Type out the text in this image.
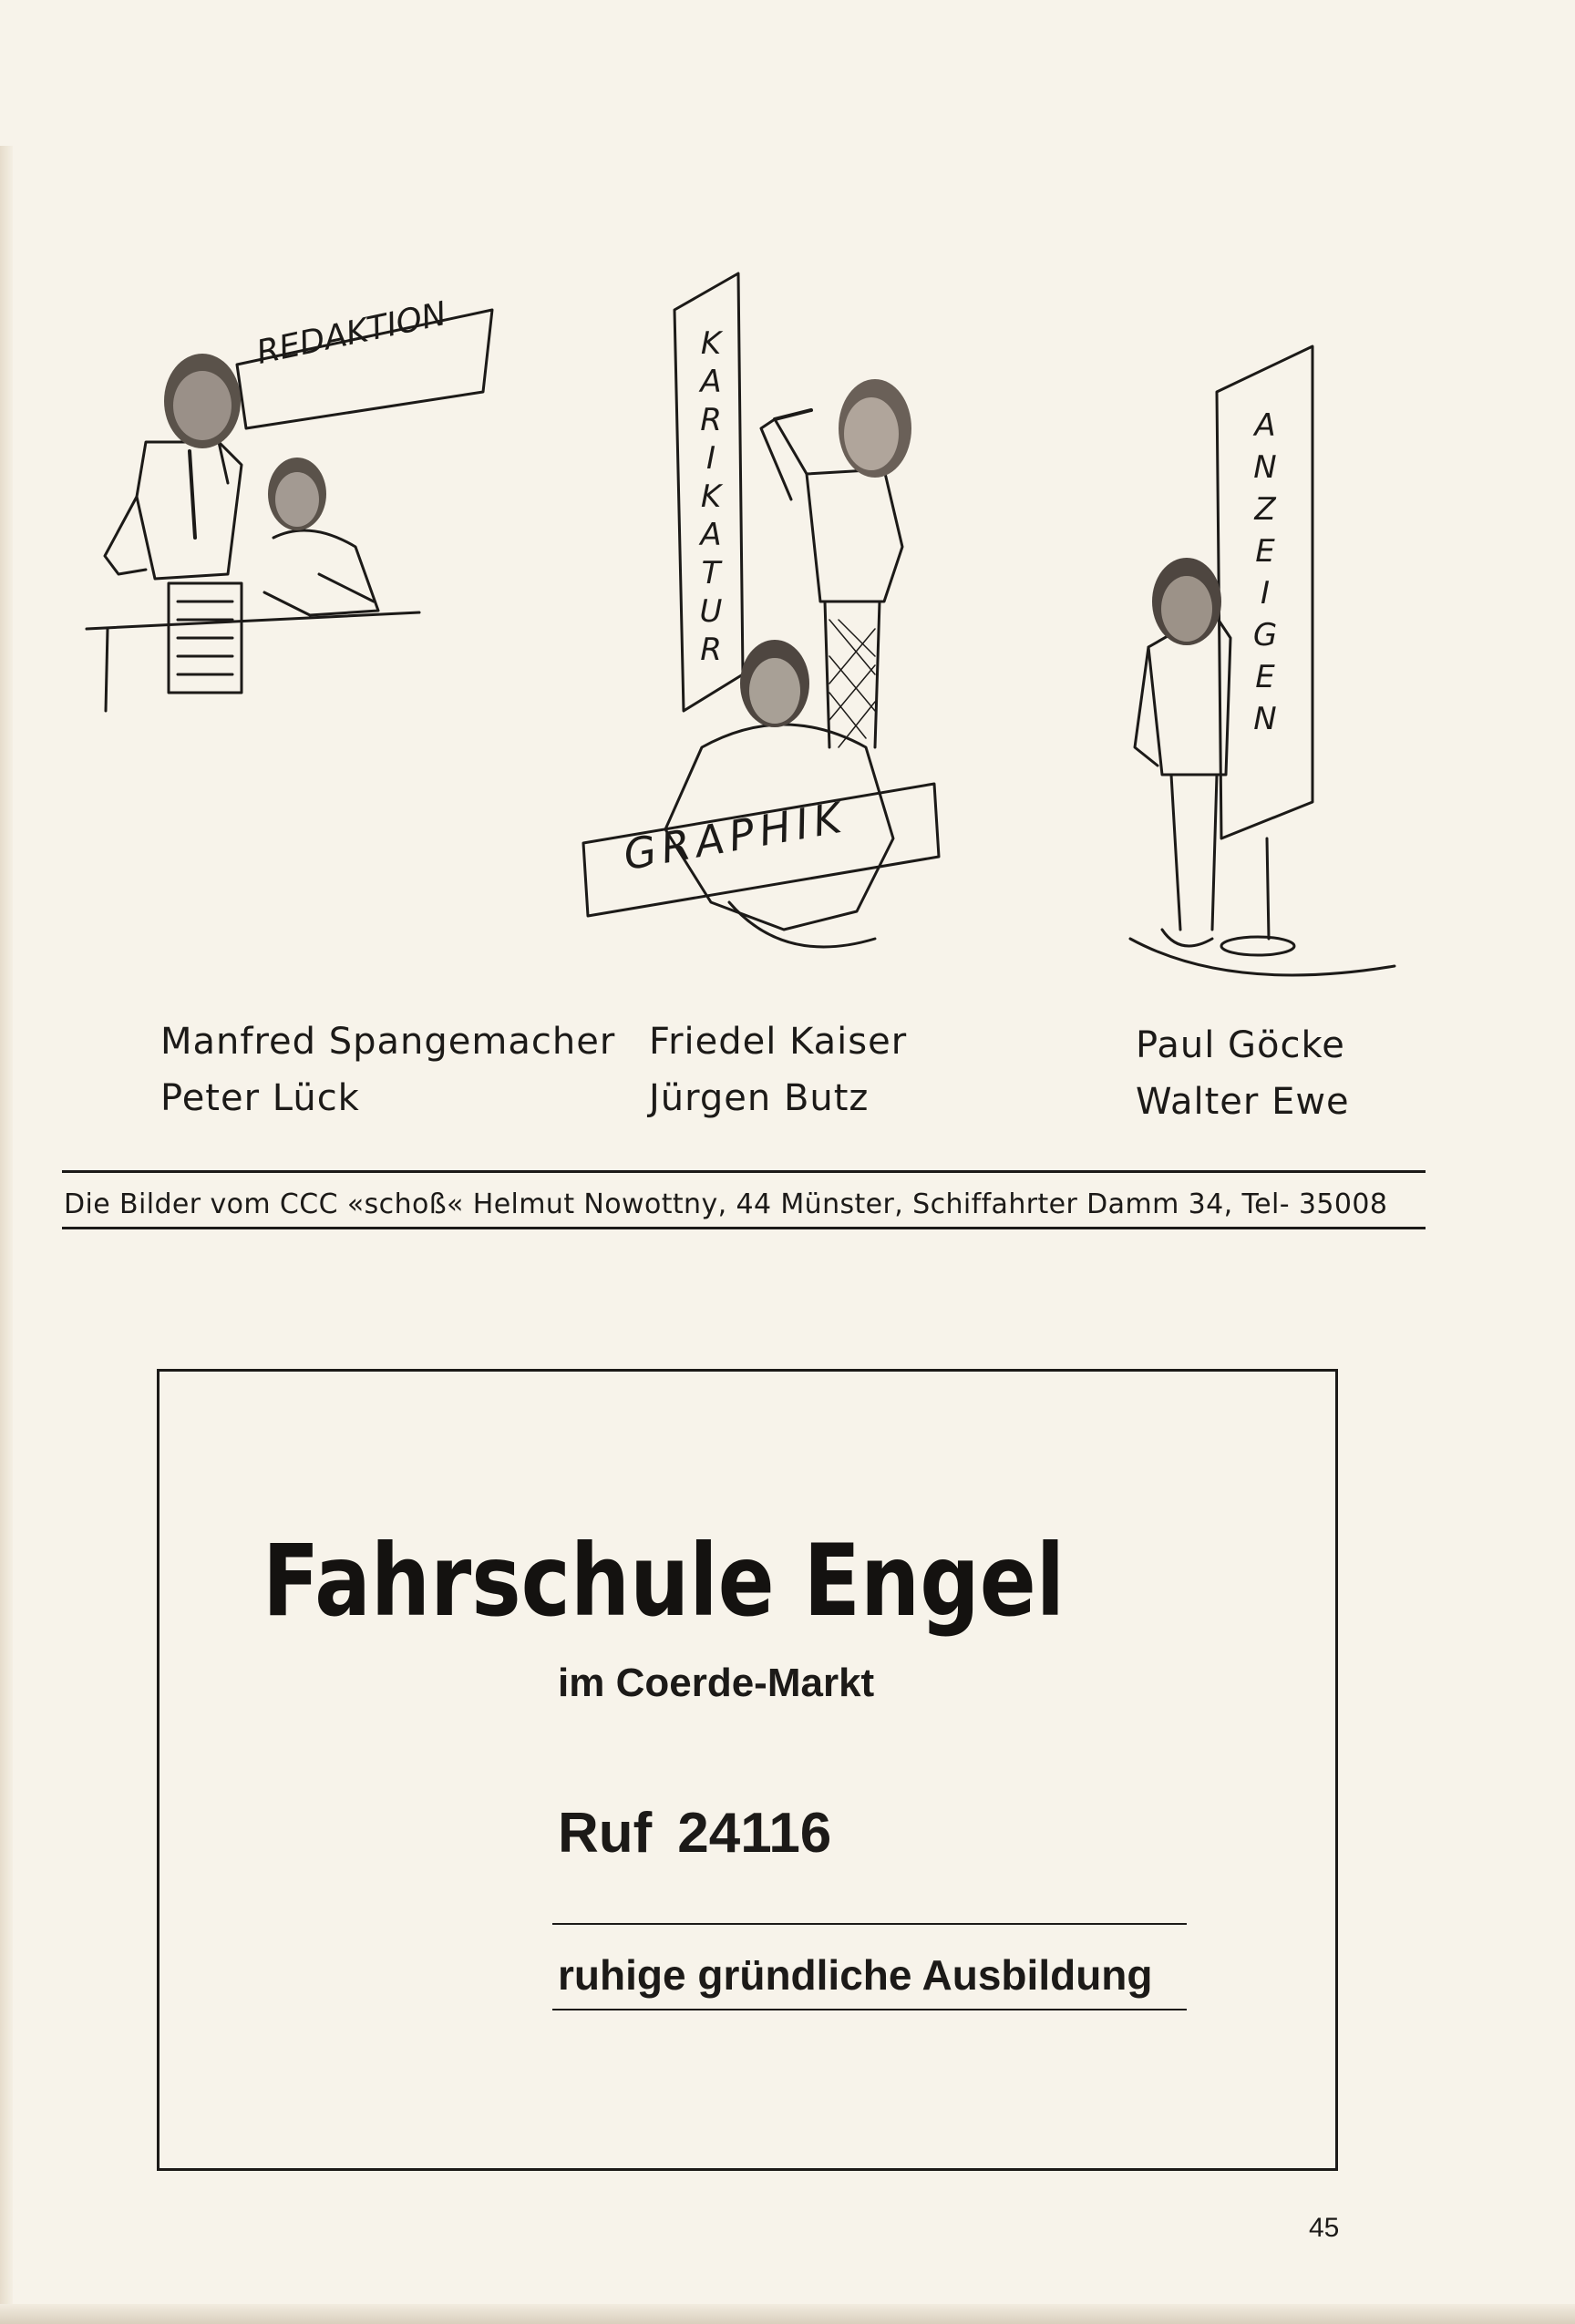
REDAKTION	K
A
R
I
K
A
T
U
R
GRAPHIK
A
N
Z
E
I
G
E
N
Manfred Spangemacher
Peter Lück
Friedel Kaiser
Jürgen Butz
Paul Göcke
Walter Ewe
Die Bilder vom CCC «schoß« Helmut Nowottny, 44 Münster, Schiffahrter Damm 34, Tel- 35008
Fahrschule Engel
im Coerde-Markt
Ruf 24116
ruhige gründliche Ausbildung
45
